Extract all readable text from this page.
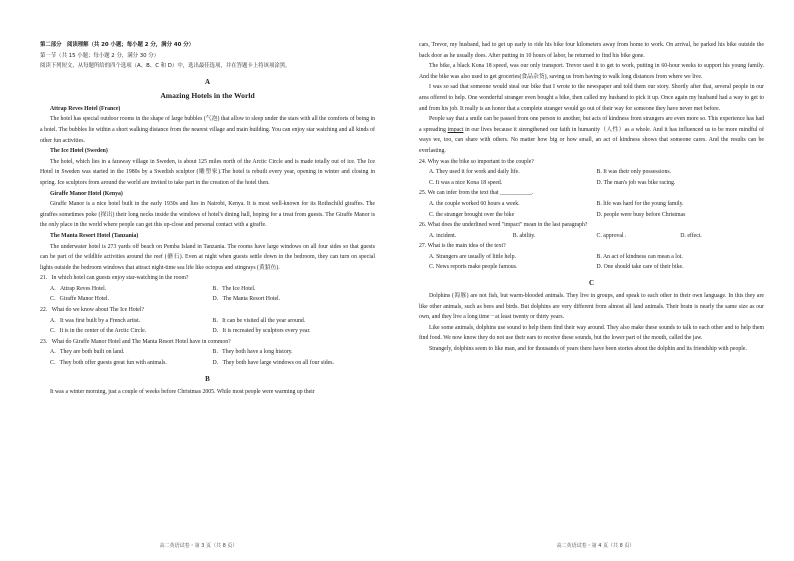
第二部分　阅读理解（共 20 小题；每小题 2 分，满分 40 分）

第一节（共 15 小题；每小题 2 分，满分 30 分）

阅读下列短文，从每题所给的四个选项（A、B、C 和 D）中，选出最佳选项，并在答题卡上将该项涂黑。

A
Amazing Hotels in the World

Attrap Reves Hotel (France)

The hotel has special outdoor rooms in the shape of large bubbles (气泡) that allow to sleep under the stars with all the comforts of being in a hotel. The bubbles lie within a short walking distance from the nearest village and main building. You can enjoy star watching and all kinds of other fun activities.

The Ice Hotel (Sweden)

The hotel, which lies in a faraway village in Sweden, is about 125 miles north of the Arctic Circle and is made totally out of ice. The Ice Hotel in Sweden was started in the 1980s by a Swedish sculptor (雕塑家).The hotel is rebuilt every year, opening in winter and closing in spring. Ice sculptors from around the world are invited to take part in the creation of the hotel then.

Giraffe Manor Hotel (Kenya)

Giraffe Manor is a nice hotel built in the early 1930s and lies in Nairobi, Kenya. It is most well-known for its Rothschild giraffes. The giraffes sometimes poke (探出) their long necks inside the windows of hotel's dining hall, hoping for a treat from guests. The Giraffe Manor is the only place in the world where people can get this up-close and personal contact with a giraffe.

The Manta Resort Hotel (Tanzania)

The underwater hotel is 273 yards off beach on Pemba Island in Tanzania. The rooms have large windows on all four sides so that guests can be part of the wildlife activities around the reef (礁石). Even at night when guests settle down in the bedroom, they can turn on special lights outside the bedroom windows that attract night-time sea life like octopus and stingrays (黄貂鱼).

21．In which hotel can guests enjoy star-watching in the room?

A．Attrap Reves Hotel.	B．The Ice Hotel.
C．Giraffe Manor Hotel.	D．The Manta Resort Hotel.

22．What do we know about The Ice Hotel?

A．It was first built by a French artist.	B．It can be visited all the year around.
C．It is in the center of the Arctic Circle.	D．It is recreated by sculptors every year.

23．What do Giraffe Manor Hotel and The Manta Resort Hotel have in common?

A．They are both built on land.	B．They both have a long history.
C．They both offer guests great fun with animals.	D．They both have large windows on all four sides.
B

It was a winter morning, just a couple of weeks before Christmas 2005. While most people were warming up their

高二英语试卷・第 3 页（共 8 页）

cars, Trevor, my husband, had to get up early to ride his bike four kilometers away from home to work. On arrival, he parked his bike outside the back door as he usually does. After putting in 10 hours of labor, he returned to find his bike gone.

The bike, a black Kona 18 speed, was our only transport. Trevor used it to get to work, putting in 60-hour weeks to support his young family. And the bike was also used to get groceries(食品杂货), saving us from having to walk long distances from where we live.

I was so sad that someone would steal our bike that I wrote to the newspaper and told them our story. Shortly after that, several people in our area offered to help. One wonderful stranger even bought a bike, then called my husband to pick it up. Once again my husband had a way to get to and from his job. It really is an honor that a complete stranger would go out of their way for someone they have never met before.

People say that a smile can be passed from one person to another, but acts of kindness from strangers are even more so. This experience has had a spreading impact in our lives because it strengthened our faith in humanity（人性）as a whole. And it has influenced us to be more mindful of ways we, too, can share with others. No matter how big or how small, an act of kindness shows that someone cares. And the results can be everlasting.

24. Why was the bike so important to the couple?

A. They used it for work and daily life.	B. It was their only possessions.
C. It was a nice Kona 18 speed.	D. The man's job was bike racing.

25. We can infer from the text that ___________.

A. the couple worked 60 hours a week.	B. life was hard for the young family.
C. the stranger brought over the bike	D. people were busy before Christmas

26. What does the underlined word "impact" mean in the last paragraph?

A. incident.	B. ability.	C. approval .	D. effect.

27. What is the main idea of the text?

A. Strangers are usually of little help.	B. An act of kindness can mean a lot.
C. News reports make people famous.	D. One should take care of their bike.
C

Dolphins (海豚) are not fish, but warm-blooded animals. They live in groups, and speak to each other in their own language. In this they are like other animals, such as bees and birds. But dolphins are very different from almost all land animals. Their brain is nearly the same size as our own, and they live a long time－at least twenty or thirty years.

Like some animals, dolphins use sound to help them find their way around. They also make these sounds to talk to each other and to help them find food. We now know they do not use their ears to receive these sounds, but the lower part of the mouth, called the jaw.

Strangely, dolphins seem to like man, and for thousands of years there have been stories about the dolphin and its friendship with people.

高二英语试卷・第 4 页（共 8 页）
